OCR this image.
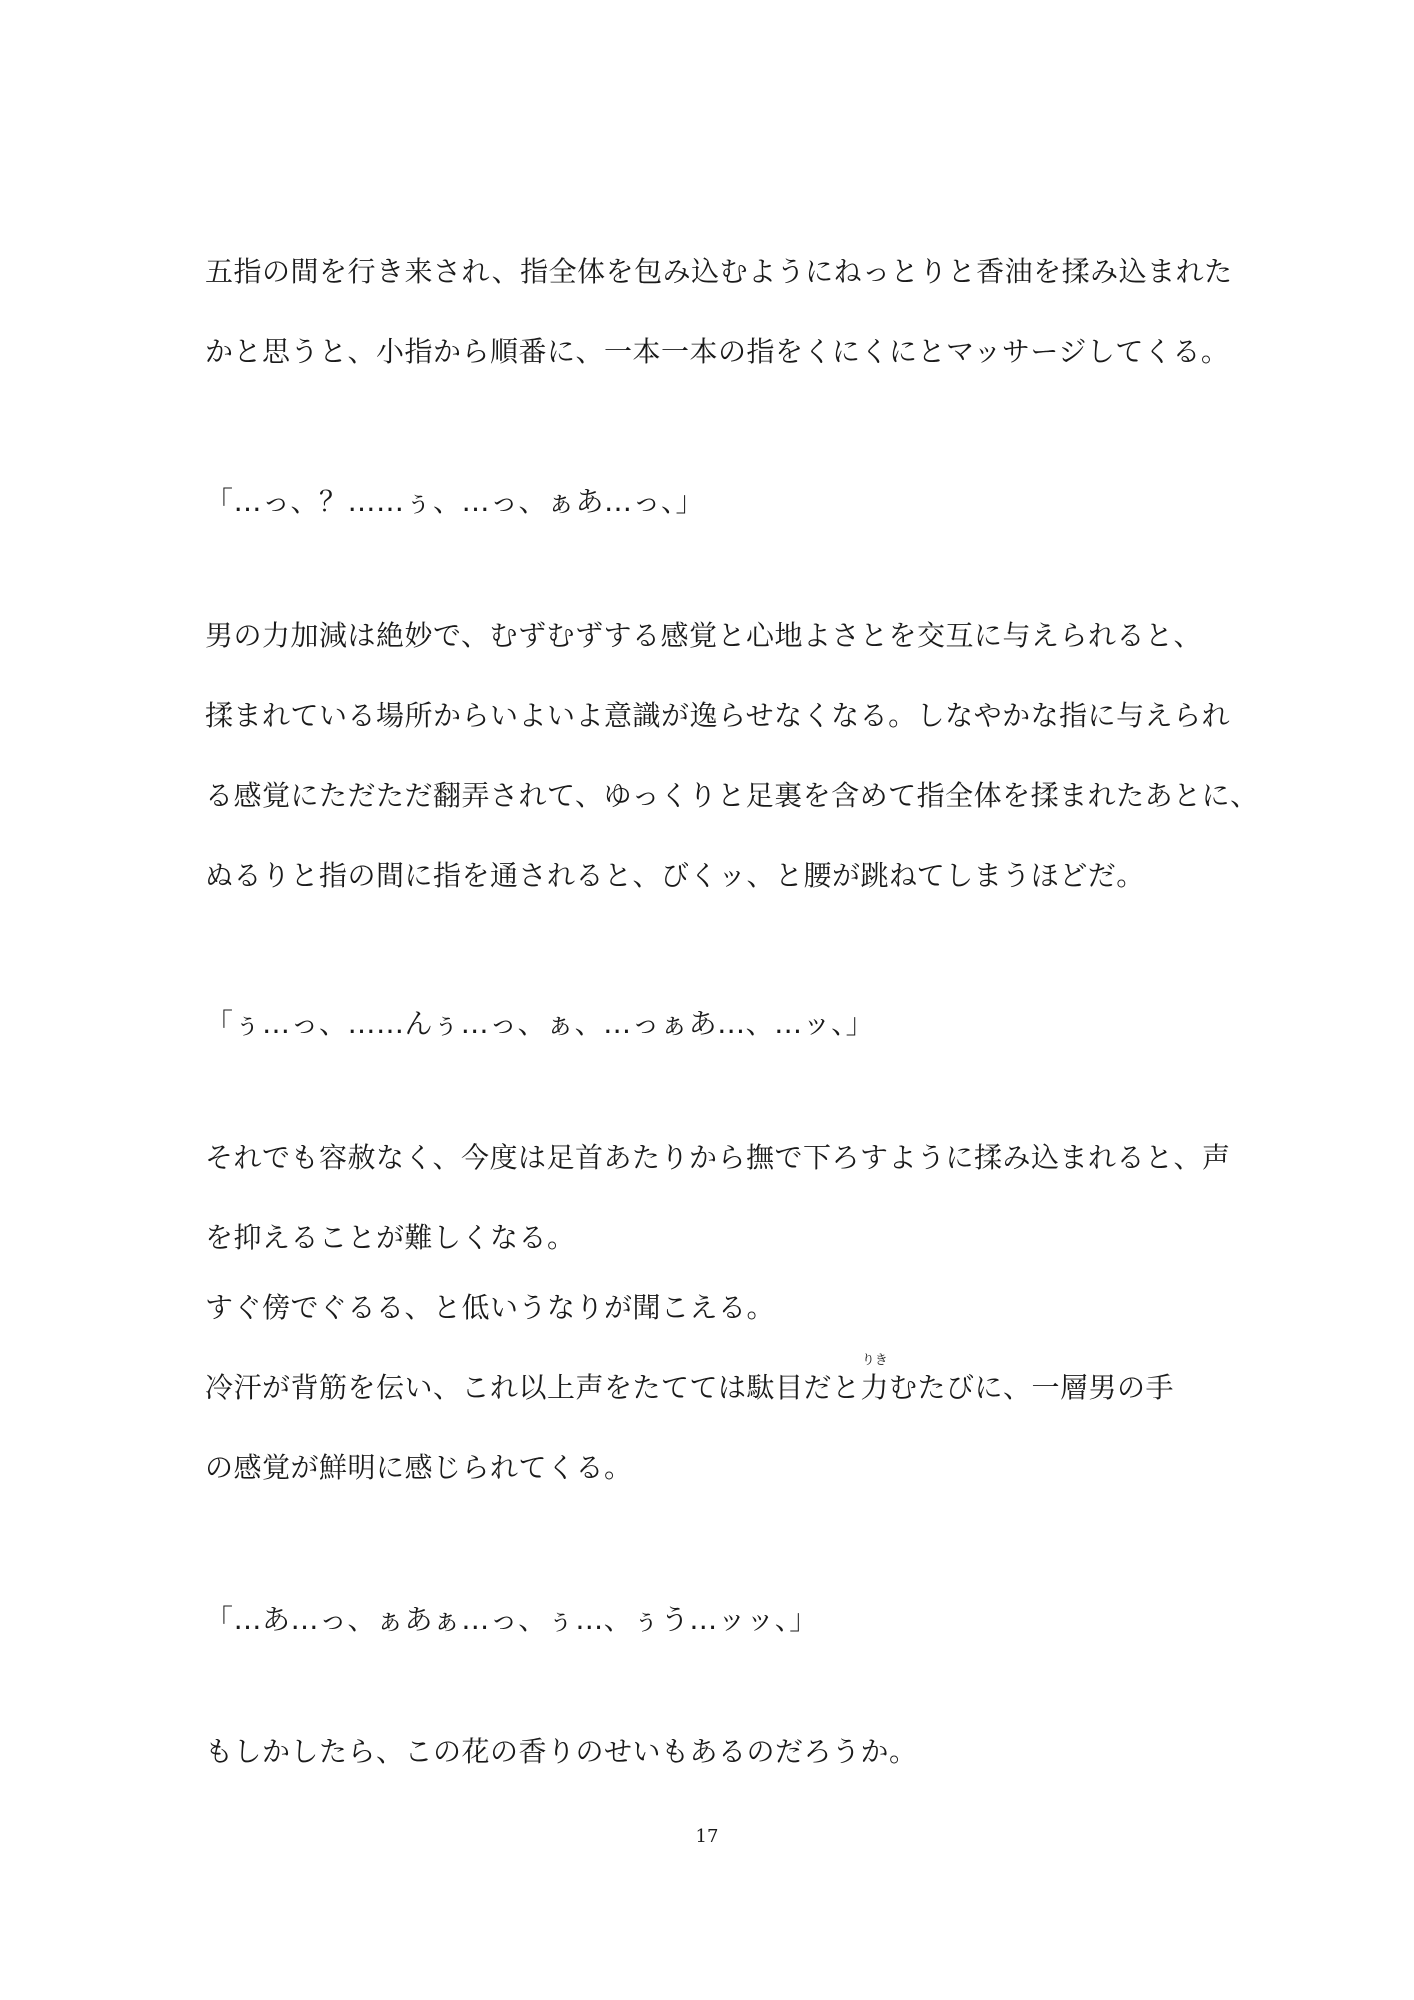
五指の間を行き来され、指全体を包み込むようにねっとりと香油を揉み込まれた

かと思うと、小指から順番に、一本一本の指をくにくにとマッサージしてくる。

「…っ、？……ぅ、…っ、ぁあ…っ、」

男の力加減は絶妙で、むずむずする感覚と心地よさとを交互に与えられると、

揉まれている場所からいよいよ意識が逸らせなくなる。しなやかな指に与えられ

る感覚にただただ翻弄されて、ゆっくりと足裏を含めて指全体を揉まれたあとに、

ぬるりと指の間に指を通されると、びくッ、と腰が跳ねてしまうほどだ。

「ぅ…っ、……んぅ…っ、ぁ、…っぁあ…、…ッ、」

それでも容赦なく、今度は足首あたりから撫で下ろすように揉み込まれると、声

を抑えることが難しくなる。

すぐ傍でぐるる、と低いうなりが聞こえる。

冷汗が背筋を伝い、これ以上声をたてては駄目だと
りき
力むたびに、一層男の手

の感覚が鮮明に感じられてくる。

「…あ…っ、ぁあぁ…っ、ぅ…、ぅう…ッッ、」

もしかしたら、この花の香りのせいもあるのだろうか。

17
